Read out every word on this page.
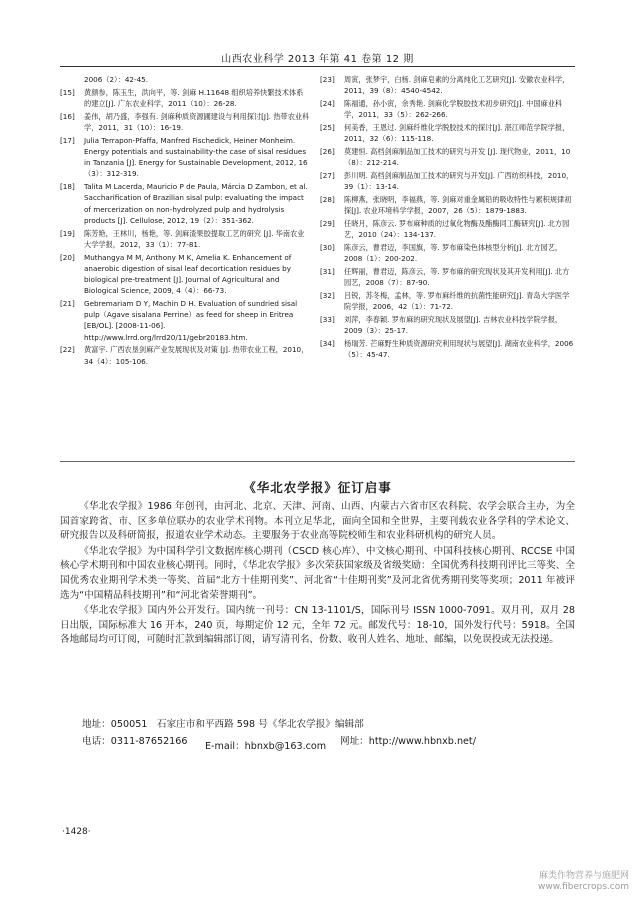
山西农业科学 2013 年第 41 卷第 12 期
2006（2）：42-45.
[15]	黄颜参，陈玉生，洪向平，等. 剑麻 H.11648 组织培养快繁技术体系的建立[J]. 广东农业科学，2011（10）：26-28.
[16]	姜伟，胡乃盛，李强有. 剑麻种质资源圃建设与利用探讨[J]. 热带农业科学，2011，31（10）：16-19.
[17]	Julia Terrapon-Pfaffa, Manfred Fischedick, Heiner Monheim. Energy potentials and sustainability-the case of sisal residues in Tanzania [J]. Energy for Sustainable Development, 2012, 16（3）：312-319.
[18]	Talita M Lacerda, Mauricio P de Paula, Márcia D Zambon, et al. Saccharification of Brazilian sisal pulp: evaluating the impact of mercerization on non-hydrolyzed pulp and hydrolysis products [J]. Cellulose, 2012, 19（2）：351-362.
[19]	陈芳艳，王林川，杨艳，等. 剑麻渣果胶提取工艺的研究 [J]. 华南农业大学学报，2012，33（1）：77-81.
[20]	Muthangya M M, Anthony M K, Amelia K. Enhancement of anaerobic digestion of sisal leaf decortication residues by biological pre-treatment [J]. Journal of Agricultural and Biological Science, 2009, 4（4）：66-73.
[21]	Gebremariam D Y, Machin D H. Evaluation of sundried sisal pulp（Agave sisalana Perrine）as feed for sheep in Eritrea [EB/OL]. [2008-11-06]. http://www.lrrd.org/lrrd20/11/gebr20183.htm.
[22]	黄富宇. 广西农垦剑麻产业发展现状及对策 [J]. 热带农业工程，2010，34（4）：105-106.
[23]	周寅，张梦宇，白杨. 剑麻皂素的分离纯化工艺研究[J]. 安徽农业科学，2011，39（8）：4540-4542.
[24]	陈福通，孙小寅，余秀艳. 剑麻化学脱胶技术初步研究[J]. 中国麻业科学，2011，33（5）：262-266.
[25]	何美香，王恩过. 剑麻纤维化学脱胶技术的探讨[J]. 湛江师范学院学报，2011，32（6）：115-118.
[26]	莫建恒. 高档剑麻制品加工技术的研究与开发 [J]. 现代物业，2011，10（8）：212-214.
[27]	彭川明. 高档剑麻制品加工技术的研究与开发[J]. 广西纺织科技，2010，39（1）：13-14.
[28]	陈柳燕，张晓明，李福燕，等. 剑麻对重金属铅的吸收特性与累积规律初探[J]. 农业环境科学学报，2007，26（5）：1879-1883.
[29]	任晓月，陈彦云. 罗布麻种质的过氧化物酶及酯酶同工酶研究[J]. 北方园艺，2010（24）：134-137.
[30]	陈彦云，曹君迈，李国旗，等. 罗布麻染色体核型分析[J]. 北方园艺，2008（1）：200-202.
[31]	任辉丽，曹君迈，陈彦云，等. 罗布麻的研究现状及其开发利用[J]. 北方园艺，2008（7）：87-90.
[32]	吕锐，苏冬梅，孟林，等. 罗布麻纤维的抗菌性能研究[J]. 青岛大学医学院学报，2006，42（1）：71-72.
[33]	刘萍，李春颖. 罗布麻的研究现状及展望[J]. 吉林农业科技学院学报，2009（3）：25-17.
[34]	杨瑞芳. 芒麻野生种质资源研究利用现状与展望[J]. 湖南农业科学，2006（5）：45-47.
《华北农学报》征订启事

《华北农学报》1986 年创刊，由河北、北京、天津、河南、山西、内蒙古六省市区农科院、农学会联合主办，为全国首家跨省、市、区多单位联办的农业学术刊物。本刊立足华北，面向全国和全世界，主要刊载农业各学科的学术论文、研究报告以及科研简报，报道农业学术动态。主要服务于农业高等院校师生和农业科研机构的研究人员。

《华北农学报》为中国科学引文数据库核心期刊（CSCD 核心库）、中文核心期刊、中国科技核心期刊、RCCSE 中国核心学术期刊和中国农业核心期刊。同时，《华北农学报》多次荣获国家级及省级奖励：全国优秀科技期刊评比三等奖、全国优秀农业期刊学术类一等奖、首届“北方十佳期刊奖”、河北省“十佳期刊奖”及河北省优秀期刊奖等奖项；2011 年被评选为“中国精品科技期刊”和“河北省荣誉期刊”。

《华北农学报》国内外公开发行。国内统一刊号：CN 13-1101/S，国际刊号 ISSN 1000-7091。双月刊，双月 28 日出版，国际标准大 16 开本，240 页，每期定价 12 元，全年 72 元。邮发代号：18-10，国外发行代号：5918。全国各地邮局均可订阅，可随时汇款到编辑部订阅，请写清刊名、份数、收刊人姓名、地址、邮编，以免误投或无法投递。

地址：050051　石家庄市和平西路 598 号《华北农学报》编辑部
电话：0311-87652166 E-mail：hbnxb@163.com 网址：http://www.hbnxb.net/
·1428·
麻类作物营养与施肥网
www.fibercrops.com
